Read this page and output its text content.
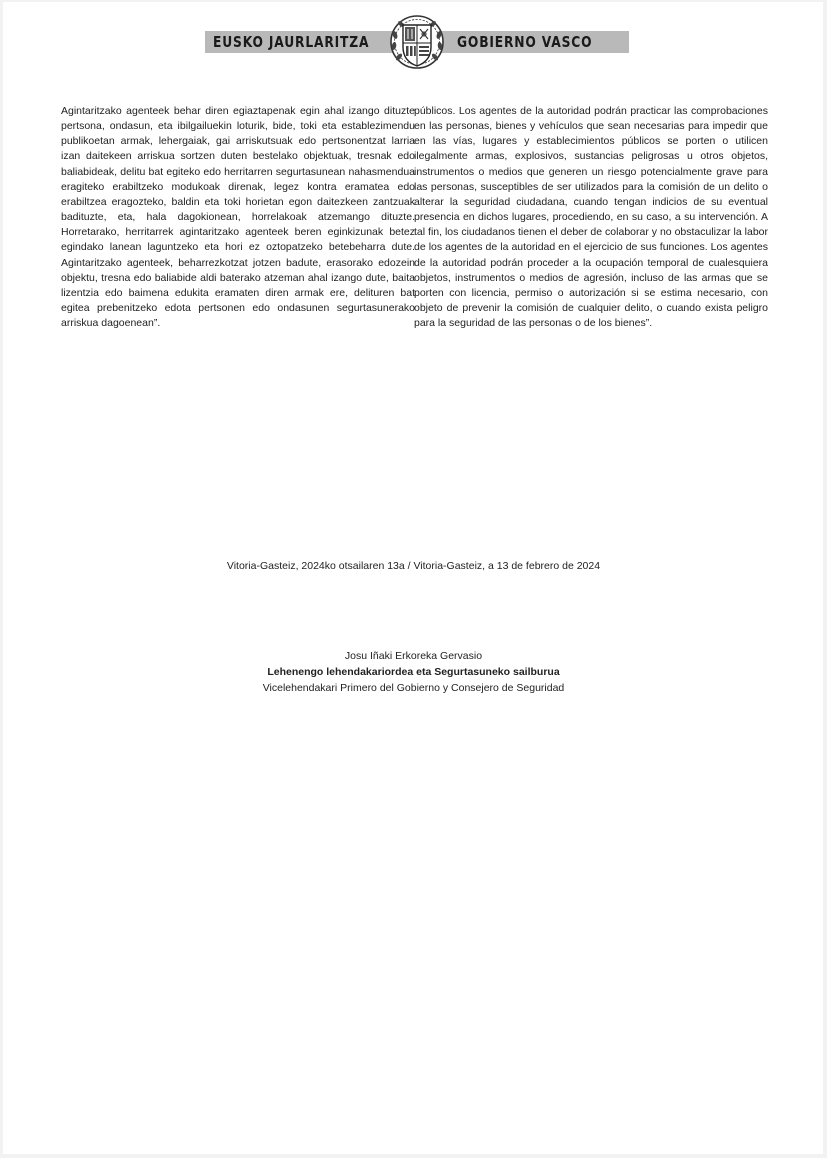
EUSKO JAURLARITZA	GOBIERNO VASCO
Agintaritzako agenteek behar diren egiaztapenak egin ahal izango dituzte pertsona, ondasun, eta ibilgailuekin loturik, bide, toki eta establezimendu publikoetan armak, lehergaiak, gai arriskutsuak edo pertsonentzat larria izan daitekeen arriskua sortzen duten bestelako objektuak, tresnak edo baliabideak, delitu bat egiteko edo herritarren segurtasunean nahasmendua eragiteko erabiltzeko modukoak direnak, legez kontra eramatea edo erabiltzea eragozteko, baldin eta toki horietan egon daitezkeen zantzuak badituzte, eta, hala dagokionean, horrelakoak atzemango dituzte. Horretarako, herritarrek agintaritzako agenteek beren eginkizunak betez egindako lanean laguntzeko eta hori ez oztopatzeko betebeharra dute. Agintaritzako agenteek, beharrezkotzat jotzen badute, erasorako edozein objektu, tresna edo baliabide aldi baterako atzeman ahal izango dute, baita lizentzia edo baimena edukita eramaten diren armak ere, delituren bat egitea prebenitzeko edota pertsonen edo ondasunen segurtasunerako arriskua dagoenean”.
públicos. Los agentes de la autoridad podrán practicar las comprobaciones en las personas, bienes y vehículos que sean necesarias para impedir que en las vías, lugares y establecimientos públicos se porten o utilicen ilegalmente armas, explosivos, sustancias peligrosas u otros objetos, instrumentos o medios que generen un riesgo potencialmente grave para las personas, susceptibles de ser utilizados para la comisión de un delito o alterar la seguridad ciudadana, cuando tengan indicios de su eventual presencia en dichos lugares, procediendo, en su caso, a su intervención. A tal fin, los ciudadanos tienen el deber de colaborar y no obstaculizar la labor de los agentes de la autoridad en el ejercicio de sus funciones. Los agentes de la autoridad podrán proceder a la ocupación temporal de cualesquiera objetos, instrumentos o medios de agresión, incluso de las armas que se porten con licencia, permiso o autorización si se estima necesario, con objeto de prevenir la comisión de cualquier delito, o cuando exista peligro para la seguridad de las personas o de los bienes”.
Vitoria-Gasteiz, 2024ko otsailaren 13a / Vitoria-Gasteiz, a 13 de febrero de 2024
Josu Iñaki Erkoreka Gervasio
Lehenengo lehendakariordea eta Segurtasuneko sailburua
Vicelehendakari Primero del Gobierno y Consejero de Seguridad
